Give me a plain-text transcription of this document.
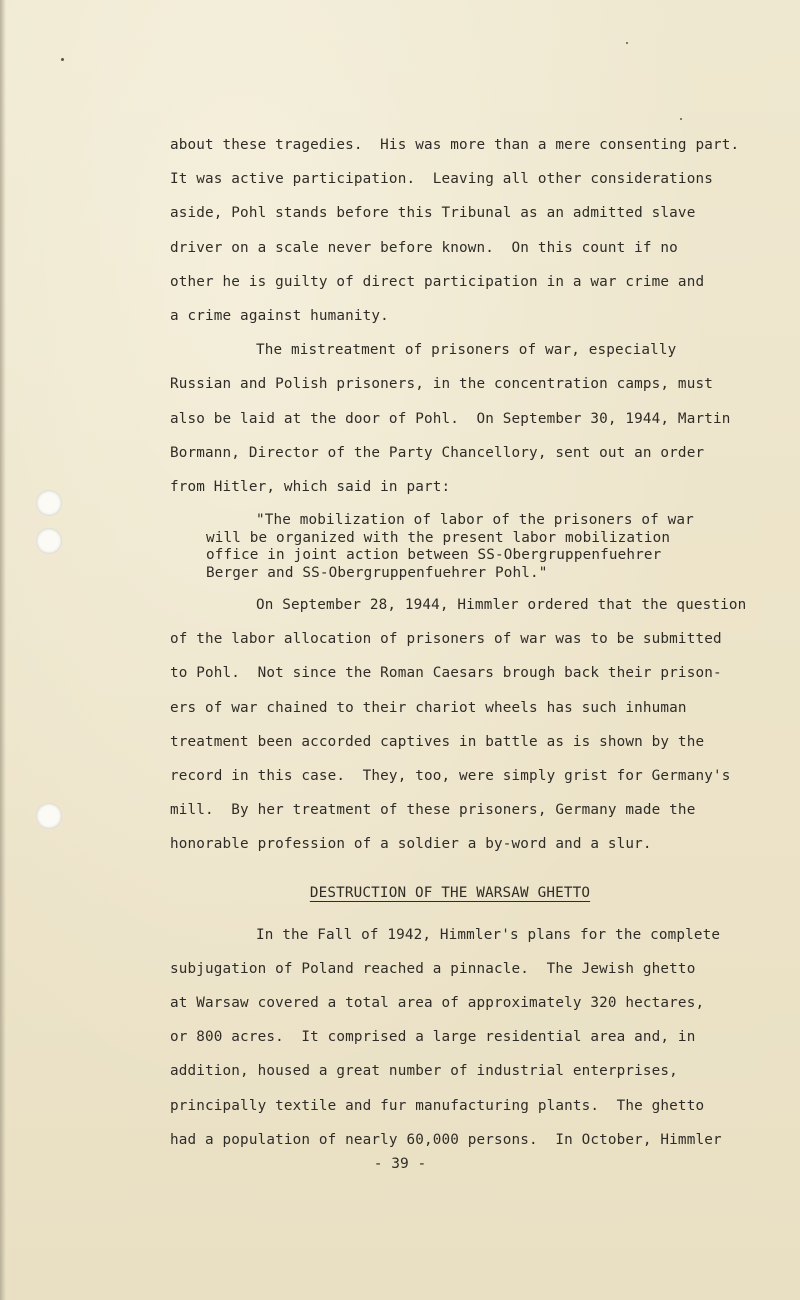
about these tragedies.  His was more than a mere consenting part.
It was active participation.  Leaving all other considerations
aside, Pohl stands before this Tribunal as an admitted slave
driver on a scale never before known.  On this count if no
other he is guilty of direct participation in a war crime and
a crime against humanity.
The mistreatment of prisoners of war, especially
Russian and Polish prisoners, in the concentration camps, must
also be laid at the door of Pohl.  On September 30, 1944, Martin
Bormann, Director of the Party Chancellory, sent out an order
from Hitler, which said in part:
"The mobilization of labor of the prisoners of war
will be organized with the present labor mobilization
office in joint action between SS-Obergruppenfuehrer
Berger and SS-Obergruppenfuehrer Pohl."
On September 28, 1944, Himmler ordered that the question
of the labor allocation of prisoners of war was to be submitted
to Pohl.  Not since the Roman Caesars brough back their prison-
ers of war chained to their chariot wheels has such inhuman
treatment been accorded captives in battle as is shown by the
record in this case.  They, too, were simply grist for Germany's
mill.  By her treatment of these prisoners, Germany made the
honorable profession of a soldier a by-word and a slur.
DESTRUCTION OF THE WARSAW GHETTO
In the Fall of 1942, Himmler's plans for the complete
subjugation of Poland reached a pinnacle.  The Jewish ghetto
at Warsaw covered a total area of approximately 320 hectares,
or 800 acres.  It comprised a large residential area and, in
addition, housed a great number of industrial enterprises,
principally textile and fur manufacturing plants.  The ghetto
had a population of nearly 60,000 persons.  In October, Himmler
- 39 -
